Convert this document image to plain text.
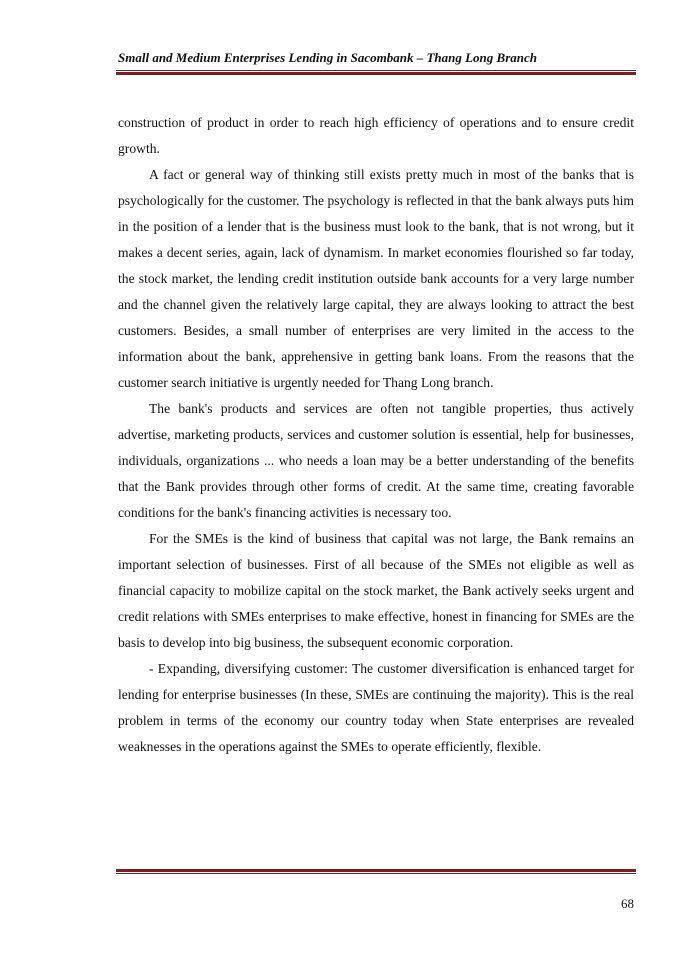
Small and Medium Enterprises Lending in Sacombank – Thang Long Branch

construction of product in order to reach high efficiency of operations and to ensure credit growth.

A fact or general way of thinking still exists pretty much in most of the banks that is psychologically for the customer. The psychology is reflected in that the bank always puts him in the position of a lender that is the business must look to the bank, that is not wrong, but it makes a decent series, again, lack of dynamism. In market economies flourished so far today, the stock market, the lending credit institution outside bank accounts for a very large number and the channel given the relatively large capital, they are always looking to attract the best customers. Besides, a small number of enterprises are very limited in the access to the information about the bank, apprehensive in getting bank loans. From the reasons that the customer search initiative is urgently needed for Thang Long branch.

The bank's products and services are often not tangible properties, thus actively advertise, marketing products, services and customer solution is essential, help for businesses, individuals, organizations ... who needs a loan may be a better understanding of the benefits that the Bank provides through other forms of credit. At the same time, creating favorable conditions for the bank's financing activities is necessary too.

For the SMEs is the kind of business that capital was not large, the Bank remains an important selection of businesses. First of all because of the SMEs not eligible as well as financial capacity to mobilize capital on the stock market, the Bank actively seeks urgent and credit relations with SMEs enterprises to make effective, honest in financing for SMEs are the basis to develop into big business, the subsequent economic corporation.

- Expanding, diversifying customer: The customer diversification is enhanced target for lending for enterprise businesses (In these, SMEs are continuing the majority). This is the real problem in terms of the economy our country today when State enterprises are revealed weaknesses in the operations against the SMEs to operate efficiently, flexible.

68
